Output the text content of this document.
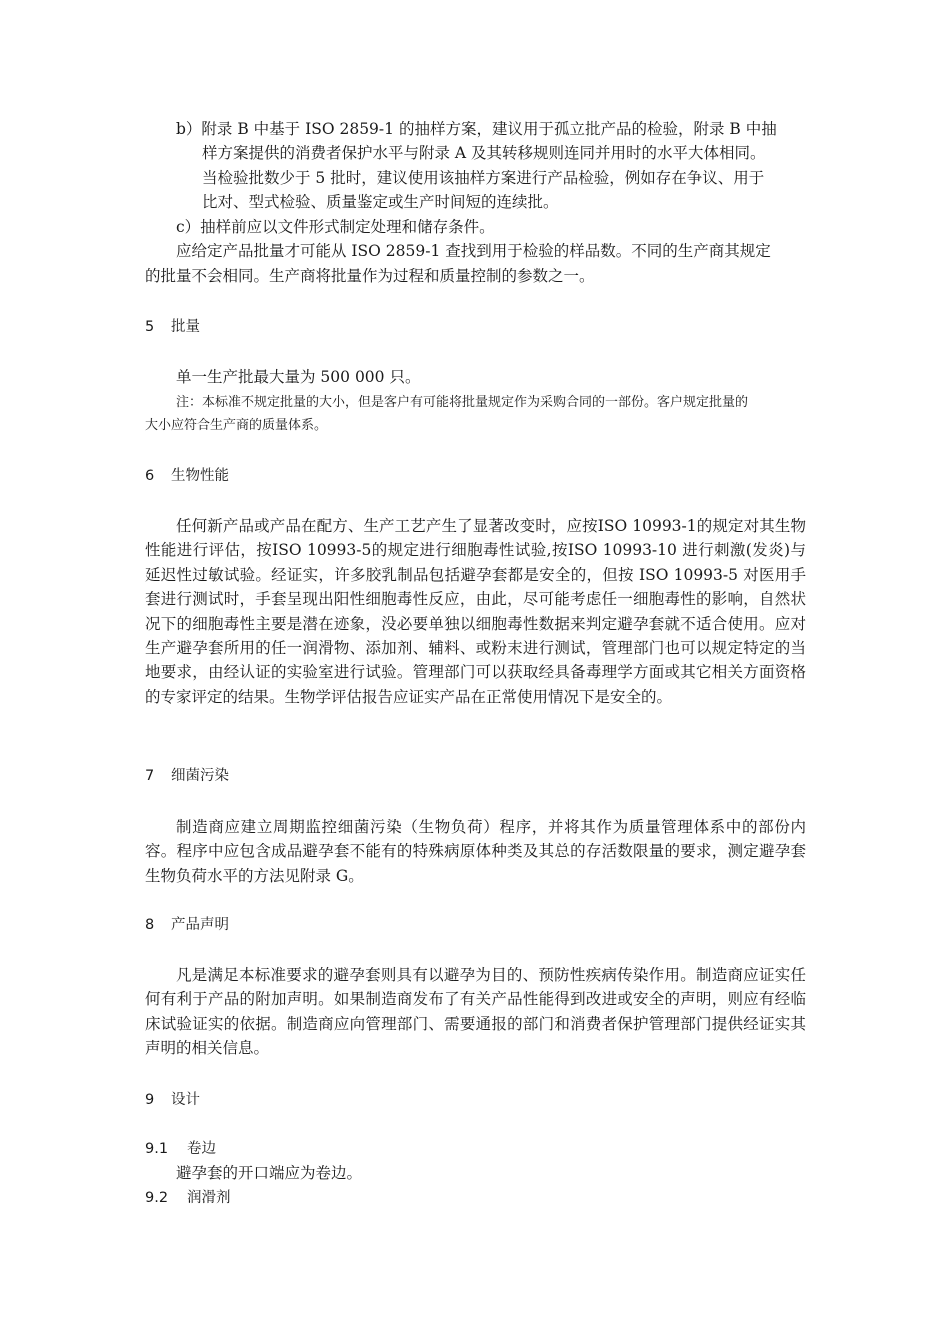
b）附录 B 中基于 ISO 2859-1 的抽样方案，建议用于孤立批产品的检验，附录 B 中抽
样方案提供的消费者保护水平与附录 A 及其转移规则连同并用时的水平大体相同。
当检验批数少于 5 批时，建议使用该抽样方案进行产品检验，例如存在争议、用于
比对、型式检验、质量鉴定或生产时间短的连续批。
c）抽样前应以文件形式制定处理和储存条件。
应给定产品批量才可能从 ISO 2859-1 查找到用于检验的样品数。不同的生产商其规定
的批量不会相同。生产商将批量作为过程和质量控制的参数之一。
5 批量
单一生产批最大量为 500 000 只。
注：本标准不规定批量的大小，但是客户有可能将批量规定作为采购合同的一部份。客户规定批量的
大小应符合生产商的质量体系。
6 生物性能
任何新产品或产品在配方、生产工艺产生了显著改变时，应按ISO 10993-1的规定对其生物性能进行评估，按ISO 10993-5的规定进行细胞毒性试验,按ISO 10993-10 进行刺激(发炎)与延迟性过敏试验。经证实，许多胶乳制品包括避孕套都是安全的，但按 ISO 10993-5 对医用手套进行测试时，手套呈现出阳性细胞毒性反应，由此，尽可能考虑任一细胞毒性的影响，自然状况下的细胞毒性主要是潜在迹象，没必要单独以细胞毒性数据来判定避孕套就不适合使用。应对生产避孕套所用的任一润滑物、添加剂、辅料、或粉末进行测试，管理部门也可以规定特定的当地要求，由经认证的实验室进行试验。管理部门可以获取经具备毒理学方面或其它相关方面资格的专家评定的结果。生物学评估报告应证实产品在正常使用情况下是安全的。
7 细菌污染
制造商应建立周期监控细菌污染（生物负荷）程序，并将其作为质量管理体系中的部份内容。程序中应包含成品避孕套不能有的特殊病原体种类及其总的存活数限量的要求，测定避孕套生物负荷水平的方法见附录 G。
8 产品声明
凡是满足本标准要求的避孕套则具有以避孕为目的、预防性疾病传染作用。制造商应证实任何有利于产品的附加声明。如果制造商发布了有关产品性能得到改进或安全的声明，则应有经临床试验证实的依据。制造商应向管理部门、需要通报的部门和消费者保护管理部门提供经证实其声明的相关信息。
9 设计
9.1 卷边
避孕套的开口端应为卷边。
9.2 润滑剂
